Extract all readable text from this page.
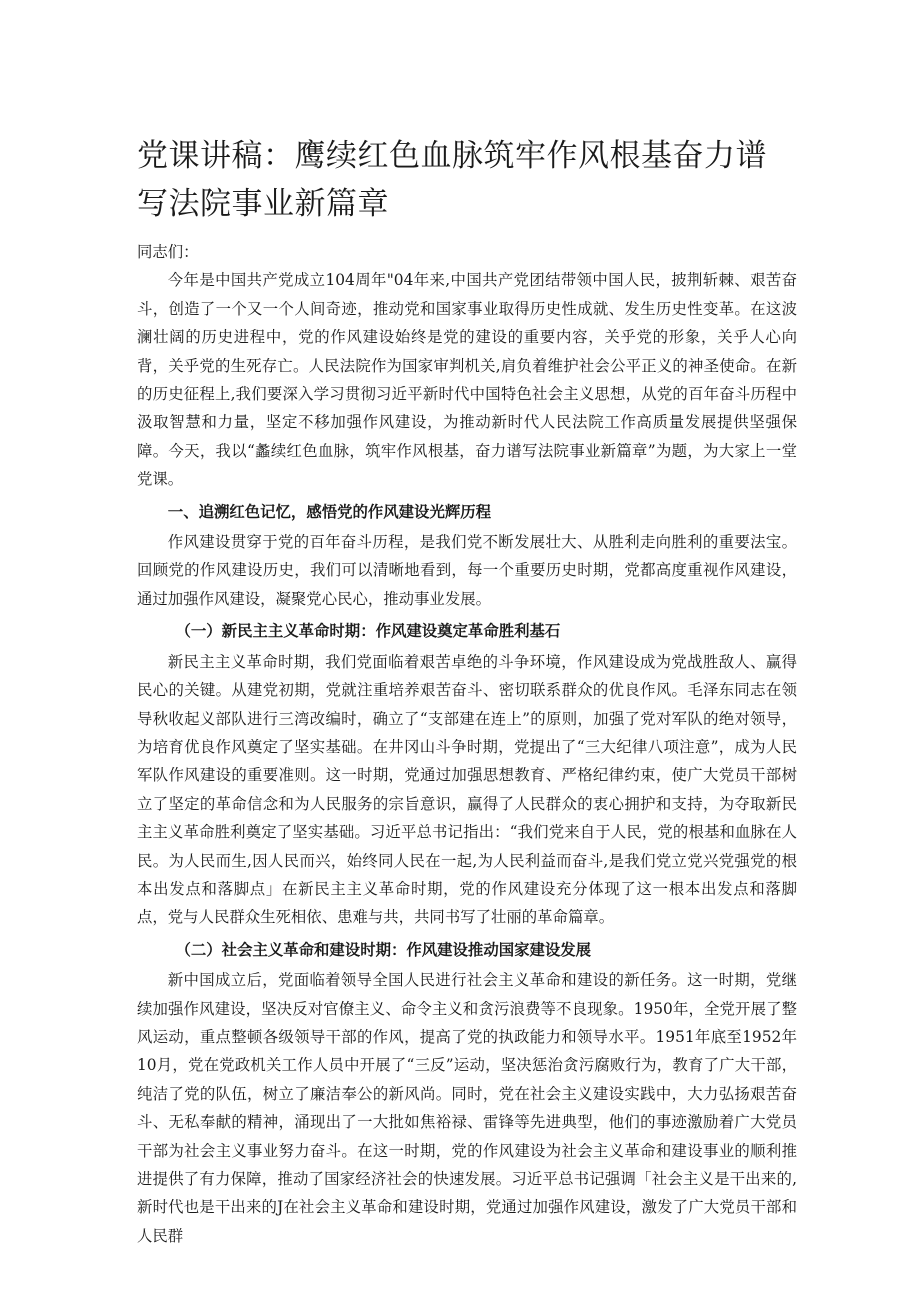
党课讲稿：鹰续红色血脉筑牢作风根基奋力谱写法院事业新篇章

同志们：

今年是中国共产党成立104周年"04年来,中国共产党团结带领中国人民，披荆斩棘、艰苦奋斗，创造了一个又一个人间奇迹，推动党和国家事业取得历史性成就、发生历史性变革。在这波澜壮阔的历史进程中，党的作风建设始终是党的建设的重要内容，关乎党的形象，关乎人心向背，关乎党的生死存亡。人民法院作为国家审判机关,肩负着维护社会公平正义的神圣使命。在新的历史征程上,我们要深入学习贯彻习近平新时代中国特色社会主义思想，从党的百年奋斗历程中汲取智慧和力量，坚定不移加强作风建设，为推动新时代人民法院工作高质量发展提供坚强保障。今天，我以“蠡续红色血脉，筑牢作风根基，奋力谱写法院事业新篇章”为题，为大家上一堂党课。

一、追溯红色记忆，感悟党的作风建设光辉历程

作风建设贯穿于党的百年奋斗历程，是我们党不断发展壮大、从胜利走向胜利的重要法宝。回顾党的作风建设历史，我们可以清晰地看到，每一个重要历史时期，党都高度重视作风建设，通过加强作风建设，凝聚党心民心，推动事业发展。

（一）新民主主义革命时期：作风建设奠定革命胜利基石

新民主主义革命时期，我们党面临着艰苦卓绝的斗争环境，作风建设成为党战胜敌人、赢得民心的关键。从建党初期，党就注重培养艰苦奋斗、密切联系群众的优良作风。毛泽东同志在领导秋收起义部队进行三湾改编时，确立了“支部建在连上”的原则，加强了党对军队的绝对领导，为培育优良作风奠定了坚实基础。在井冈山斗争时期，党提出了“三大纪律八项注意”，成为人民军队作风建设的重要准则。这一时期，党通过加强思想教育、严格纪律约束，使广大党员干部树立了坚定的革命信念和为人民服务的宗旨意识，赢得了人民群众的衷心拥护和支持，为夺取新民主主义革命胜利奠定了坚实基础。习近平总书记指出：“我们党来自于人民，党的根基和血脉在人民。为人民而生,因人民而兴，始终同人民在一起,为人民利益而奋斗,是我们党立党兴党强党的根本出发点和落脚点」在新民主主义革命时期，党的作风建设充分体现了这一根本出发点和落脚点，党与人民群众生死相依、患难与共，共同书写了壮丽的革命篇章。

（二）社会主义革命和建设时期：作风建设推动国家建设发展

新中国成立后，党面临着领导全国人民进行社会主义革命和建设的新任务。这一时期，党继续加强作风建设，坚决反对官僚主义、命令主义和贪污浪费等不良现象。1950年，全党开展了整风运动，重点整顿各级领导干部的作风，提高了党的执政能力和领导水平。1951年底至1952年10月，党在党政机关工作人员中开展了“三反”运动，坚决惩治贪污腐败行为，教育了广大干部，纯洁了党的队伍，树立了廉洁奉公的新风尚。同时，党在社会主义建设实践中，大力弘扬艰苦奋斗、无私奉献的精神，涌现出了一大批如焦裕禄、雷锋等先进典型，他们的事迹激励着广大党员干部为社会主义事业努力奋斗。在这一时期，党的作风建设为社会主义革命和建设事业的顺利推进提供了有力保障，推动了国家经济社会的快速发展。习近平总书记强调「社会主义是干出来的,新时代也是干出来的J在社会主义革命和建设时期，党通过加强作风建设，激发了广大党员干部和人民群
